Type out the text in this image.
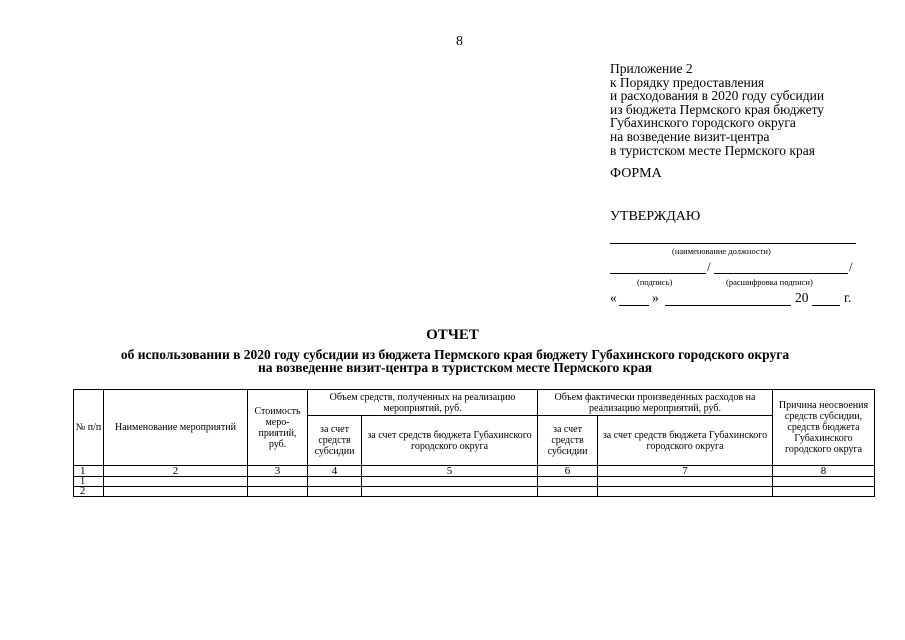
8
Приложение 2
к Порядку предоставления
и расходования в 2020 году субсидии
из бюджета Пермского края бюджету
Губахинского городского округа
на возведение визит-центра
в туристском месте Пермского края
ФОРМА
УТВЕРЖДАЮ
(наименование должности)
/	/
(подпись)	(расшифровка подписи)
«	»	20	г.
ОТЧЕТ
об использовании в 2020 году субсидии из бюджета Пермского края бюджету Губахинского городского округа
на возведение визит-центра в туристском месте Пермского края
№ п/п	Наименование мероприятий	Стоимость меро-приятий, руб.	Объем средств, полученных на реализацию мероприятий, руб.		Объем фактически произведенных расходов на реализацию мероприятий, руб.		Причина неосвоения средств субсидии, средств бюджета Губахинского городского округа
			за счет средств субсидии	за счет средств бюджета Губахинского городского округа	за счет средств субсидии	за счет средств бюджета Губахинского городского округа	
1	2	3	4	5	6	7	8
1							
2							
